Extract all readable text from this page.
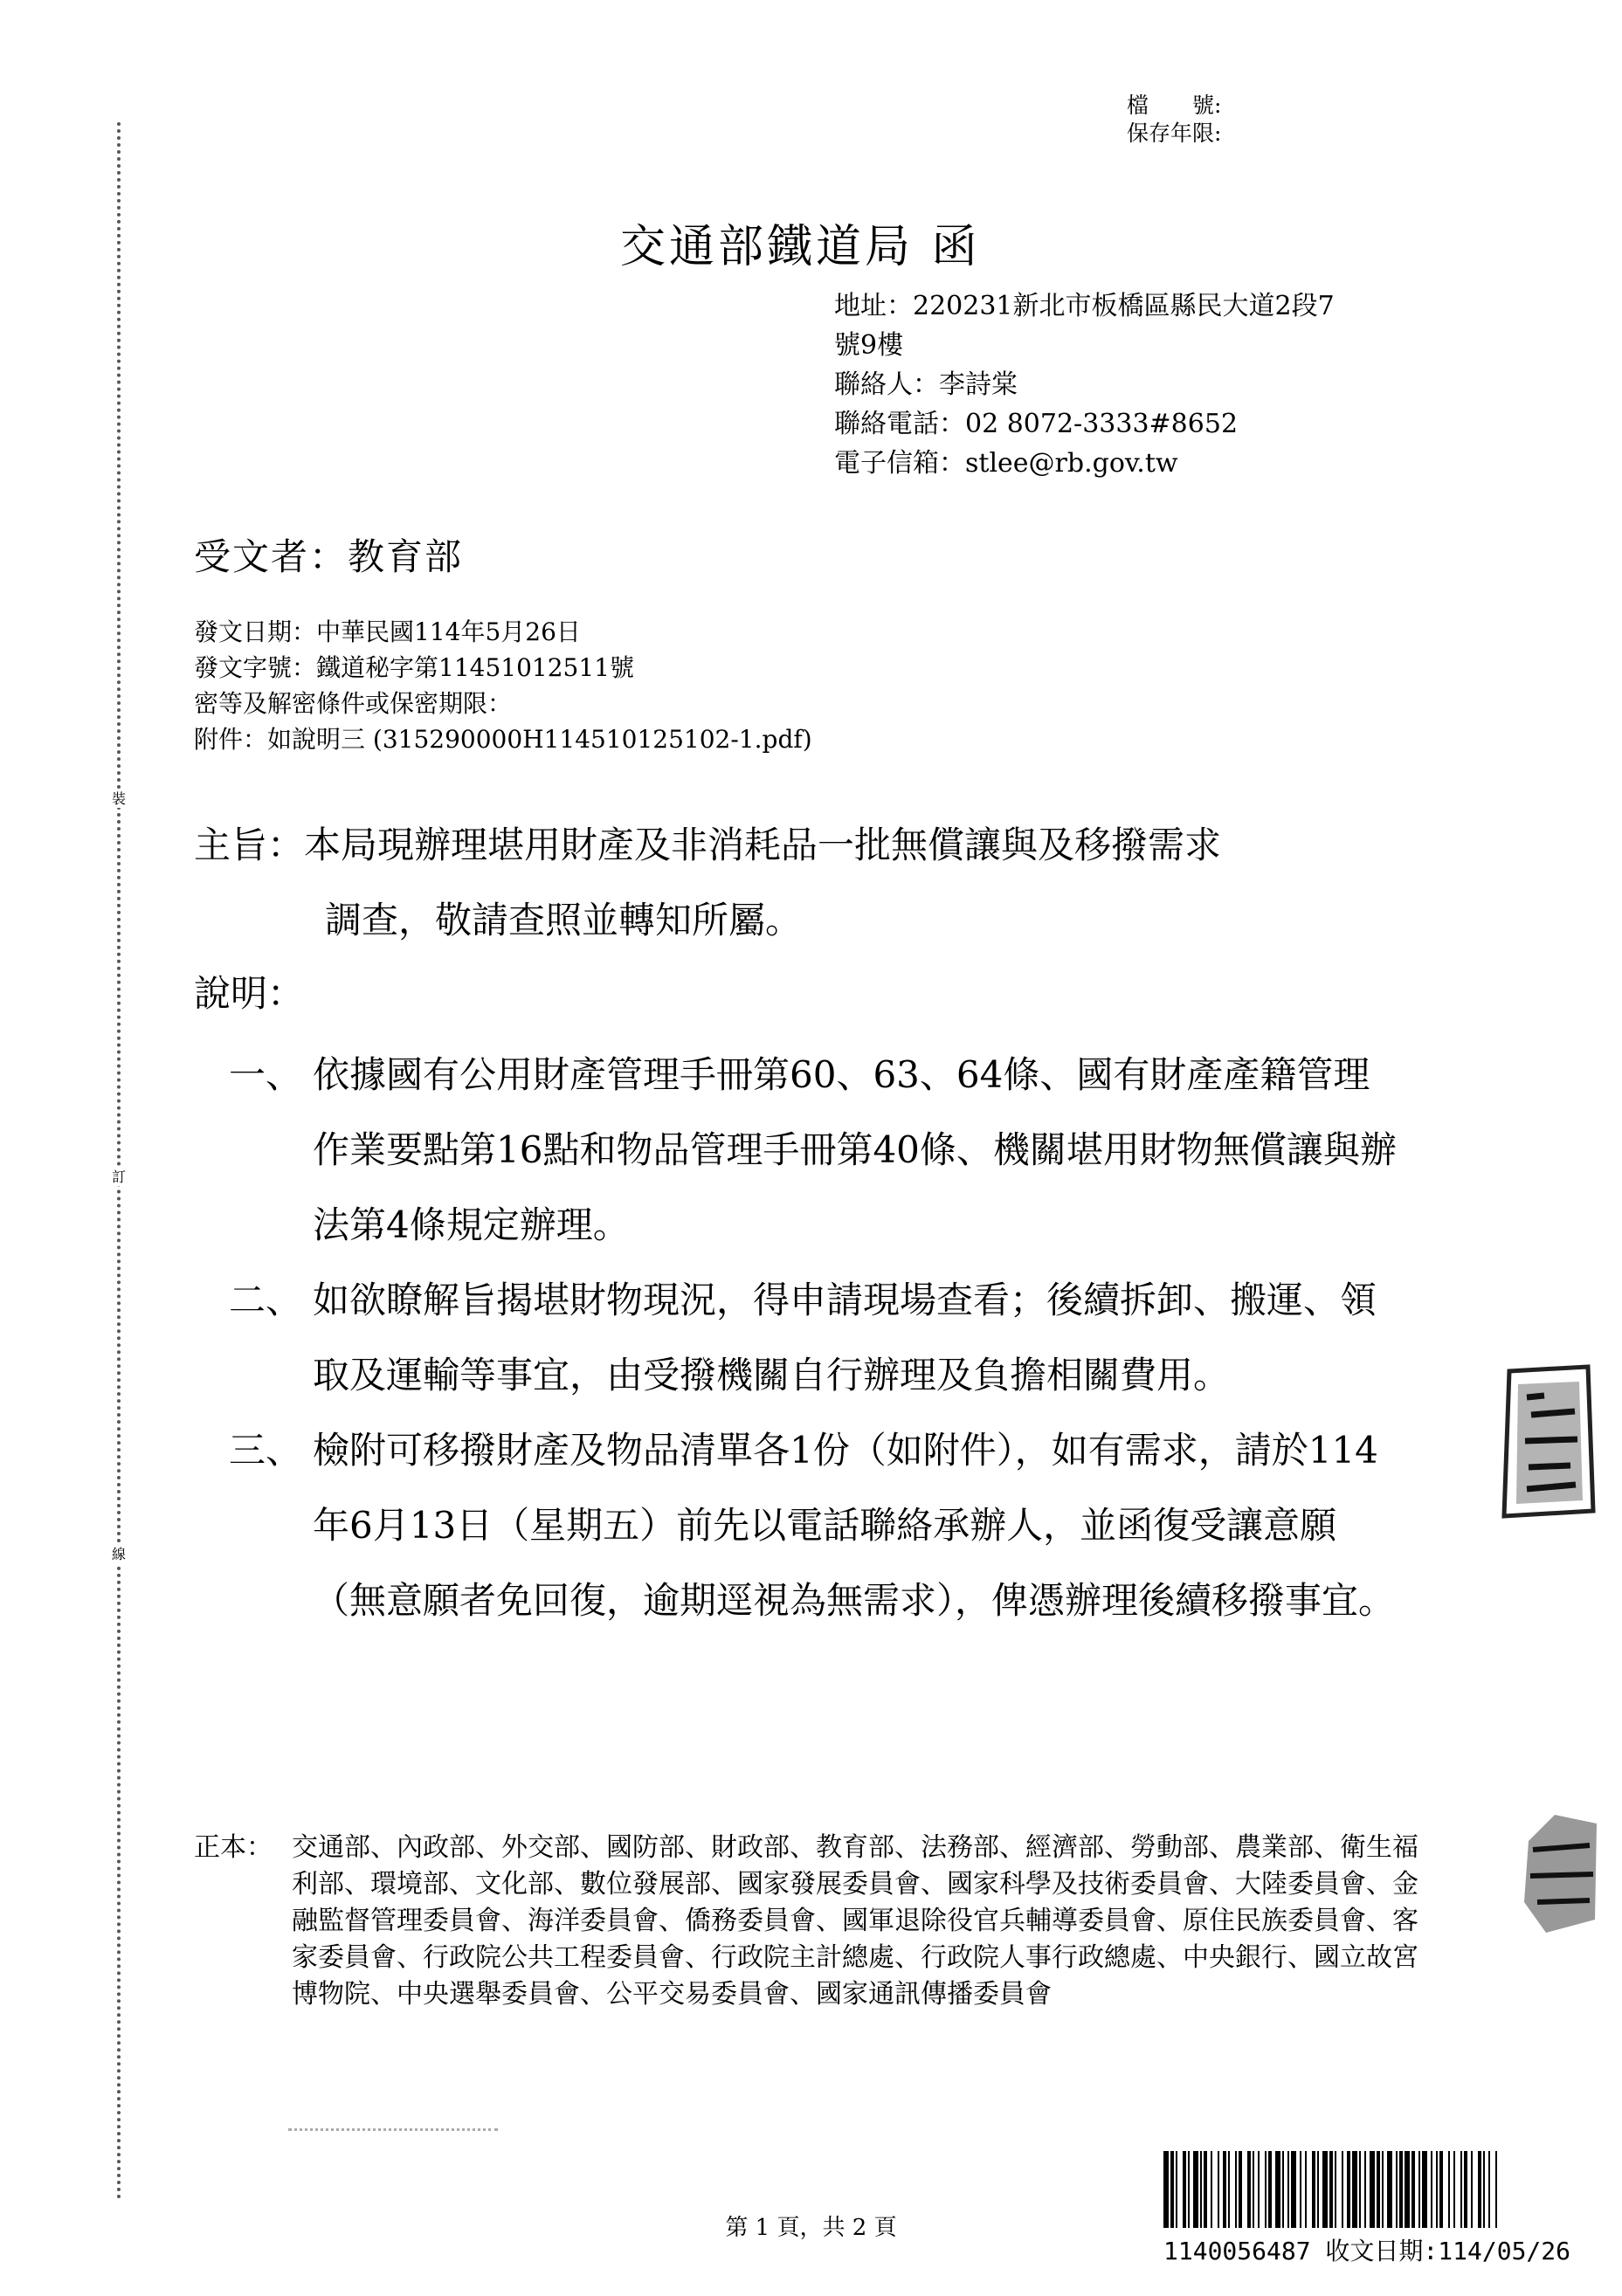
裝
訂
線
檔　　號:
保存年限:
交通部鐵道局 函
地址：220231新北市板橋區縣民大道2段7
號9樓
聯絡人：李詩棠
聯絡電話：02 8072-3333#8652
電子信箱：stlee@rb.gov.tw
受文者：教育部
發文日期：中華民國114年5月26日
發文字號：鐵道秘字第11451012511號
密等及解密條件或保密期限：
附件：如說明三 (315290000H114510125102-1.pdf)
主旨：本局現辦理堪用財產及非消耗品一批無償讓與及移撥需求
調查，敬請查照並轉知所屬。
說明：
一、 依據國有公用財產管理手冊第60、63、64條、國有財產產籍管理作業要點第16點和物品管理手冊第40條、機關堪用財物無償讓與辦法第4條規定辦理。
二、 如欲瞭解旨揭堪財物現況，得申請現場查看；後續拆卸、搬運、領取及運輸等事宜，由受撥機關自行辦理及負擔相關費用。
三、 檢附可移撥財產及物品清單各1份（如附件），如有需求，請於114年6月13日（星期五）前先以電話聯絡承辦人，並函復受讓意願（無意願者免回復，逾期逕視為無需求），俾憑辦理後續移撥事宜。
正本： 交通部、內政部、外交部、國防部、財政部、教育部、法務部、經濟部、勞動部、農業部、衛生福利部、環境部、文化部、數位發展部、國家發展委員會、國家科學及技術委員會、大陸委員會、金融監督管理委員會、海洋委員會、僑務委員會、國軍退除役官兵輔導委員會、原住民族委員會、客家委員會、行政院公共工程委員會、行政院主計總處、行政院人事行政總處、中央銀行、國立故宮博物院、中央選舉委員會、公平交易委員會、國家通訊傳播委員會
第 1 頁，共 2 頁
1140056487 收文日期:114/05/26
